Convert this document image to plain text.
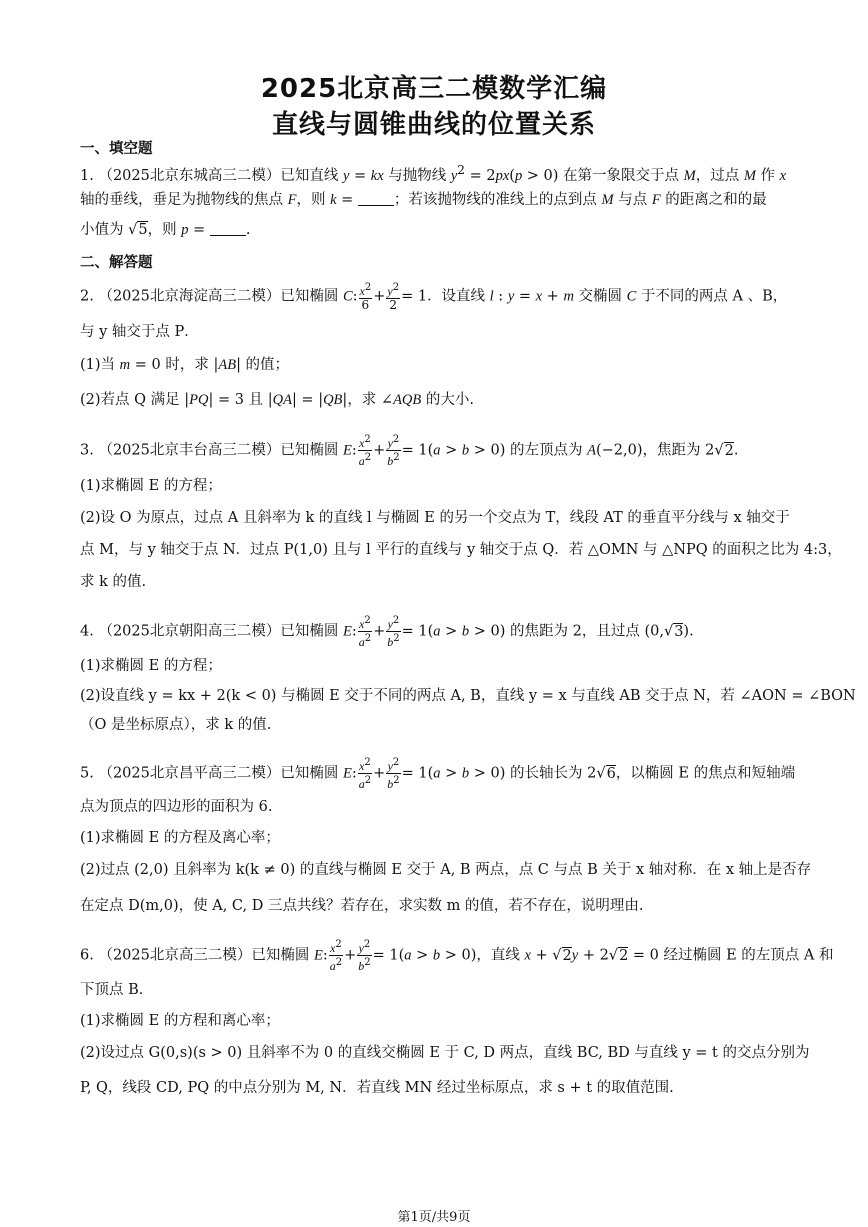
2025北京高三二模数学汇编
直线与圆锥曲线的位置关系
一、填空题
1. （2025北京东城高三二模）已知直线 y = kx 与抛物线 $y^2 = 2px(p > 0)$ 在第一象限交于点 M，过点 M 作 x
轴的垂线，垂足为抛物线的焦点 F，则 k = ；若该抛物线的准线上的点到点 M 与点 F 的距离之和的最
小值为 √5，则 p = .
二、解答题
2. （2025北京海淀高三二模）已知椭圆 C: $\frac{x^2}{6} + \frac{y^2}{2} = 1$．设直线 l : y = x + m 交椭圆 C 于不同的两点 A 、B，
与 y 轴交于点 P．
(1)当 m = 0 时，求 |AB| 的值；
(2)若点 Q 满足 |PQ| = 3 且 |QA| = |QB|，求 ∠AQB 的大小.
3. （2025北京丰台高三二模）已知椭圆 E: $\frac{x^2}{a^2} + \frac{y^2}{b^2} = 1(a > b > 0)$ 的左顶点为 A(−2,0)，焦距为 2√2.
(1)求椭圆 E 的方程；
(2)设 O 为原点，过点 A 且斜率为 k 的直线 l 与椭圆 E 的另一个交点为 T，线段 AT 的垂直平分线与 x 轴交于
点 M，与 y 轴交于点 N．过点 P(1,0) 且与 l 平行的直线与 y 轴交于点 Q．若 △OMN 与 △NPQ 的面积之比为 4:3，
求 k 的值.
4. （2025北京朝阳高三二模）已知椭圆 E: $\frac{x^2}{a^2} + \frac{y^2}{b^2} = 1(a > b > 0)$ 的焦距为 2，且过点 (0,√3).
(1)求椭圆 E 的方程；
(2)设直线 y = kx + 2(k < 0) 与椭圆 E 交于不同的两点 A, B，直线 y = x 与直线 AB 交于点 N，若 ∠AON = ∠BON
（O 是坐标原点），求 k 的值.
5. （2025北京昌平高三二模）已知椭圆 E: $\frac{x^2}{a^2} + \frac{y^2}{b^2} = 1(a > b > 0)$ 的长轴长为 2√6，以椭圆 E 的焦点和短轴端
点为顶点的四边形的面积为 6.
(1)求椭圆 E 的方程及离心率；
(2)过点 (2,0) 且斜率为 k(k ≠ 0) 的直线与椭圆 E 交于 A, B 两点，点 C 与点 B 关于 x 轴对称．在 x 轴上是否存
在定点 D(m,0)，使 A, C, D 三点共线？若存在，求实数 m 的值，若不存在，说明理由.
6. （2025北京高三二模）已知椭圆 E: $\frac{x^2}{a^2} + \frac{y^2}{b^2} = 1(a > b > 0)$，直线 x + √2y + 2√2 = 0 经过椭圆 E 的左顶点 A 和
下顶点 B．
(1)求椭圆 E 的方程和离心率；
(2)设过点 G(0,s)(s > 0) 且斜率不为 0 的直线交椭圆 E 于 C, D 两点，直线 BC, BD 与直线 y = t 的交点分别为
P, Q，线段 CD, PQ 的中点分别为 M, N．若直线 MN 经过坐标原点，求 s + t 的取值范围.
第1页/共9页
